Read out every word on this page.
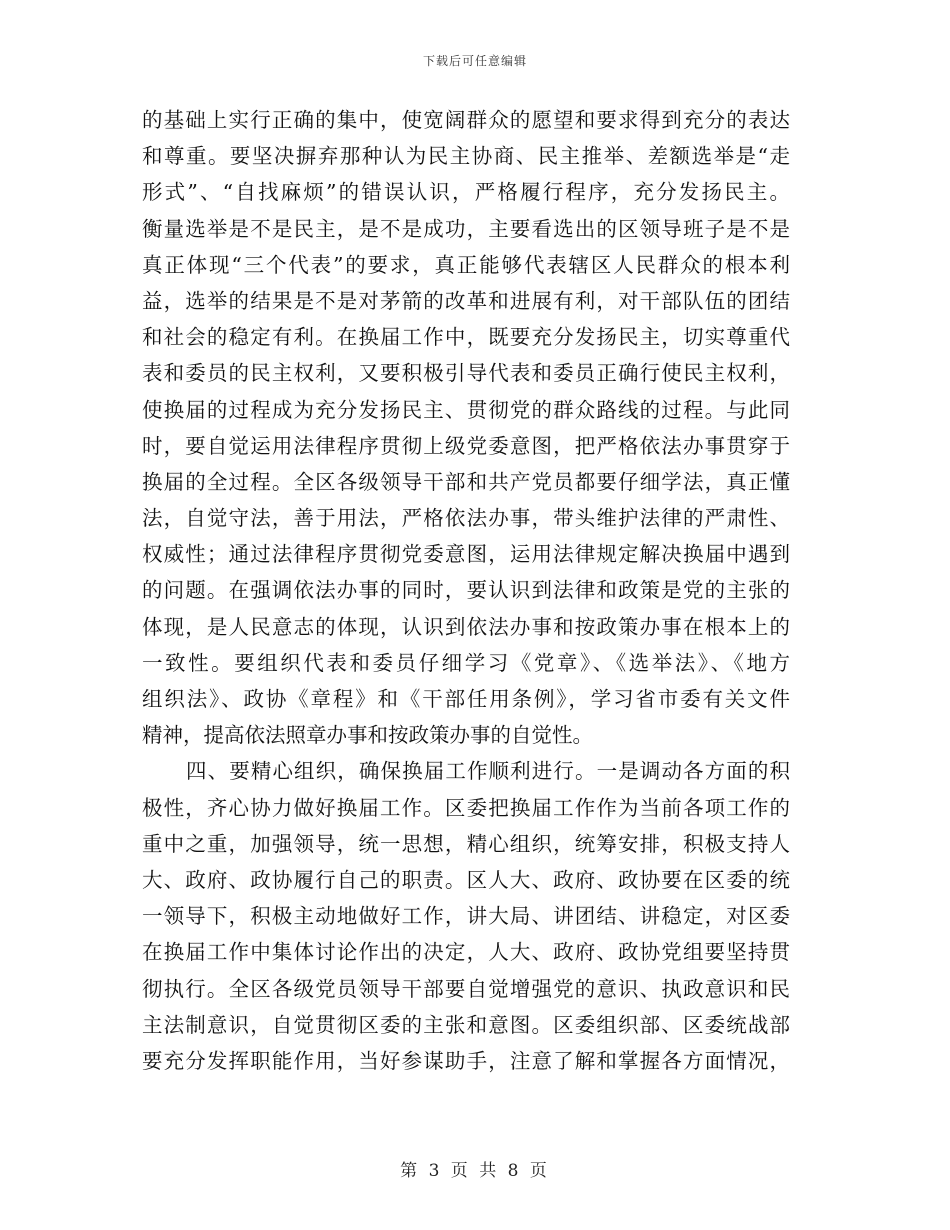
下载后可任意编辑
的基础上实行正确的集中，使宽阔群众的愿望和要求得到充分的表达
和尊重。要坚决摒弃那种认为民主协商、民主推举、差额选举是“走
形式”、“自找麻烦”的错误认识，严格履行程序，充分发扬民主。
衡量选举是不是民主，是不是成功，主要看选出的区领导班子是不是
真正体现“三个代表”的要求，真正能够代表辖区人民群众的根本利
益，选举的结果是不是对茅箭的改革和进展有利，对干部队伍的团结
和社会的稳定有利。在换届工作中，既要充分发扬民主，切实尊重代
表和委员的民主权利，又要积极引导代表和委员正确行使民主权利，
使换届的过程成为充分发扬民主、贯彻党的群众路线的过程。与此同
时，要自觉运用法律程序贯彻上级党委意图，把严格依法办事贯穿于
换届的全过程。全区各级领导干部和共产党员都要仔细学法，真正懂
法，自觉守法，善于用法，严格依法办事，带头维护法律的严肃性、
权威性；通过法律程序贯彻党委意图，运用法律规定解决换届中遇到
的问题。在强调依法办事的同时，要认识到法律和政策是党的主张的
体现，是人民意志的体现，认识到依法办事和按政策办事在根本上的
一致性。要组织代表和委员仔细学习《党章》、《选举法》、《地方
组织法》、政协《章程》和《干部任用条例》，学习省市委有关文件
精神，提高依法照章办事和按政策办事的自觉性。
四、要精心组织，确保换届工作顺利进行。一是调动各方面的积
极性，齐心协力做好换届工作。区委把换届工作作为当前各项工作的
重中之重，加强领导，统一思想，精心组织，统筹安排，积极支持人
大、政府、政协履行自己的职责。区人大、政府、政协要在区委的统
一领导下，积极主动地做好工作，讲大局、讲团结、讲稳定，对区委
在换届工作中集体讨论作出的决定，人大、政府、政协党组要坚持贯
彻执行。全区各级党员领导干部要自觉增强党的意识、执政意识和民
主法制意识，自觉贯彻区委的主张和意图。区委组织部、区委统战部
要充分发挥职能作用，当好参谋助手，注意了解和掌握各方面情况，
第 3 页 共 8 页
